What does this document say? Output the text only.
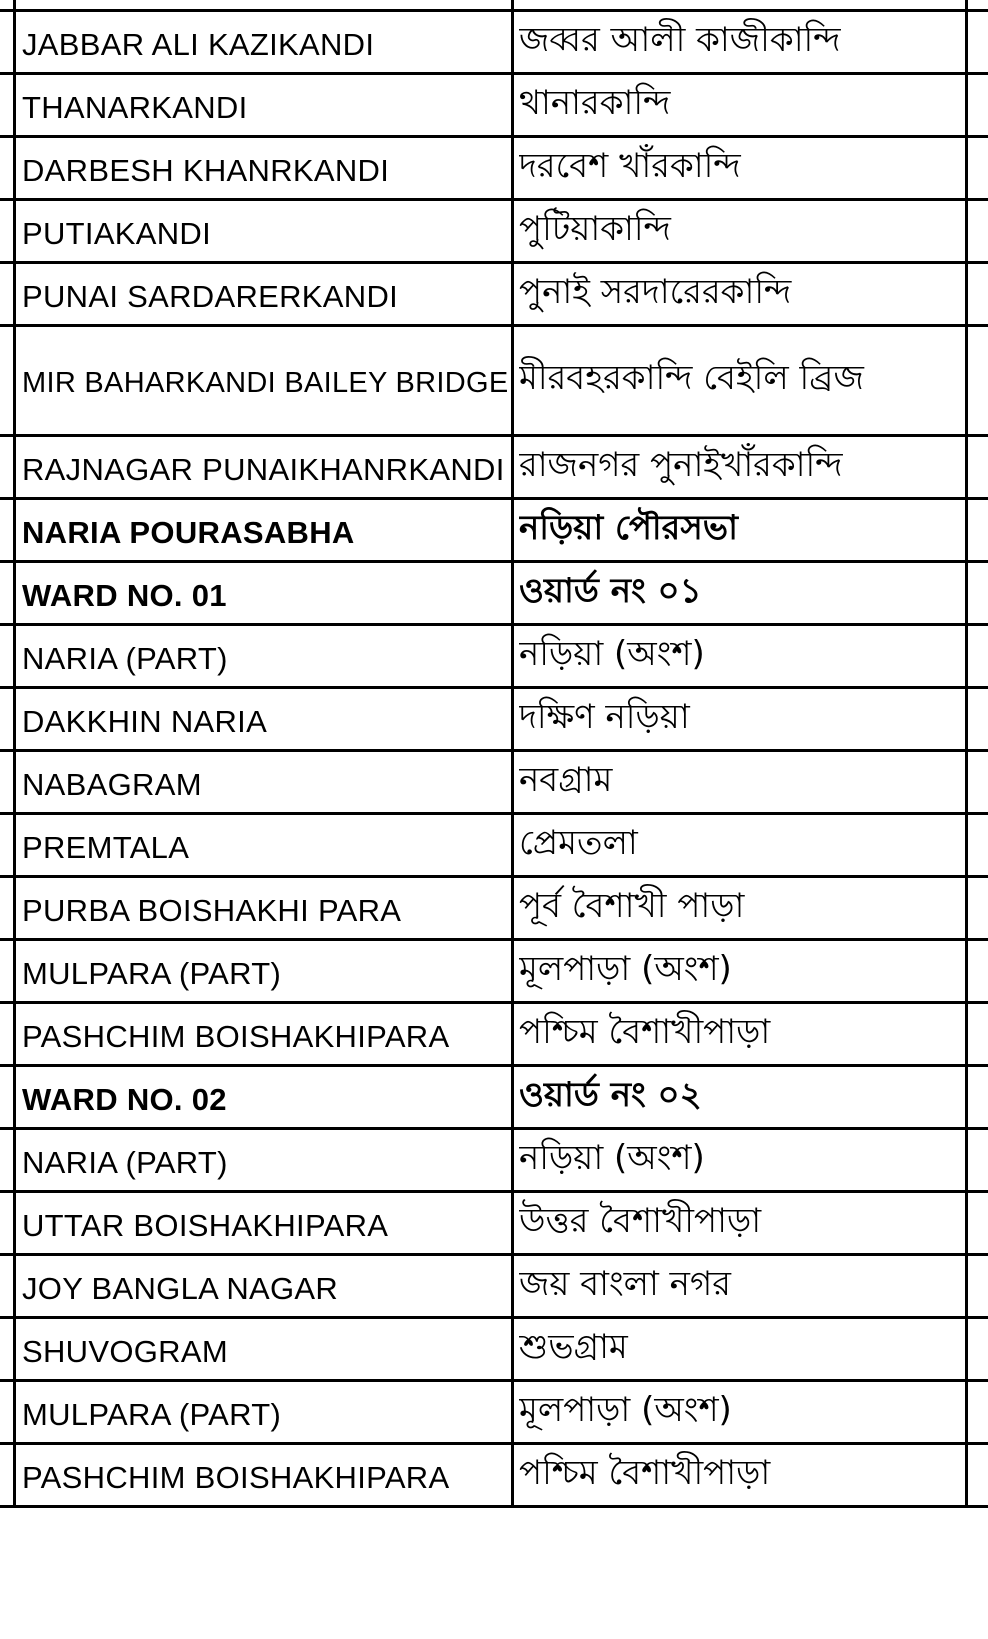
JABBAR ALI KAZIKANDI	জব্বর আলী কাজীকান্দি
THANARKANDI	থানারকান্দি
DARBESH KHANRKANDI	দরবেশ খাঁরকান্দি
PUTIAKANDI	পুটিয়াকান্দি
PUNAI SARDARERKANDI	পুনাই সরদারেরকান্দি
MIR BAHARKANDI BAILEY BRIDGE মীরবহরকান্দি বেইলি ব্রিজ
RAJNAGAR PUNAIKHANRKANDI রাজনগর পুনাইখাঁরকান্দি
NARIA POURASABHA	নড়িয়া পৌরসভা
WARD NO. 01	ওয়ার্ড নং ০১
NARIA (PART)	নড়িয়া (অংশ)
DAKKHIN NARIA	দক্ষিণ নড়িয়া
NABAGRAM	নবগ্রাম
PREMTALA	প্রেমতলা
PURBA BOISHAKHI PARA	পূর্ব বৈশাখী পাড়া
MULPARA (PART)	মূলপাড়া (অংশ)
PASHCHIM BOISHAKHIPARA	পশ্চিম বৈশাখীপাড়া
WARD NO. 02	ওয়ার্ড নং ০২
NARIA (PART)	নড়িয়া (অংশ)
UTTAR BOISHAKHIPARA	উত্তর বৈশাখীপাড়া
JOY BANGLA NAGAR	জয় বাংলা নগর
SHUVOGRAM	শুভগ্রাম
MULPARA (PART)	মূলপাড়া (অংশ)
PASHCHIM BOISHAKHIPARA	পশ্চিম বৈশাখীপাড়া
